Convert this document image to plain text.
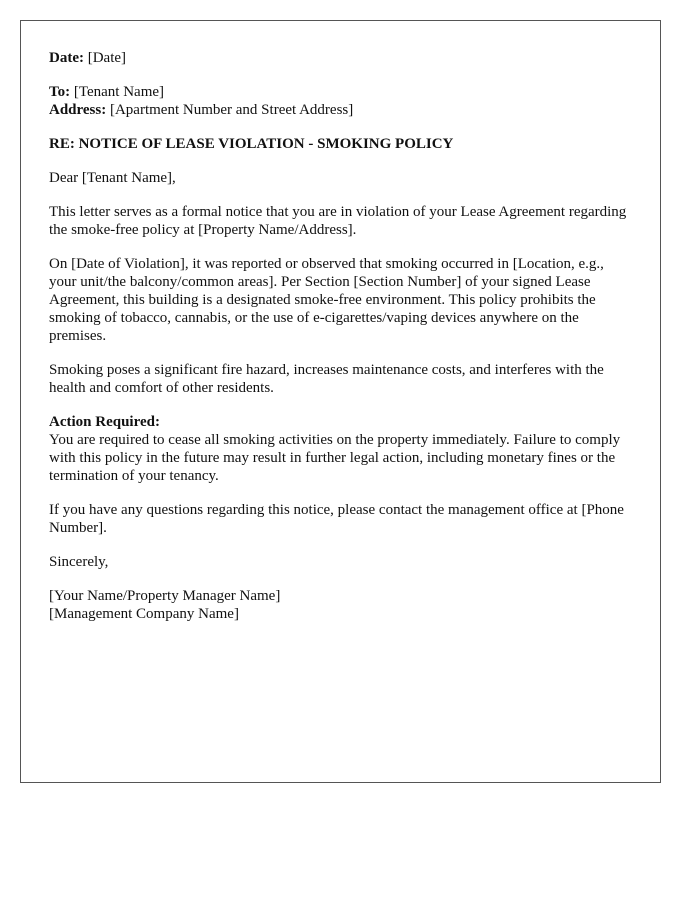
Date: [Date]

To: [Tenant Name]
Address: [Apartment Number and Street Address]

RE: NOTICE OF LEASE VIOLATION - SMOKING POLICY

Dear [Tenant Name],

This letter serves as a formal notice that you are in violation of your Lease Agreement regarding the smoke-free policy at [Property Name/Address].

On [Date of Violation], it was reported or observed that smoking occurred in [Location, e.g., your unit/the balcony/common areas]. Per Section [Section Number] of your signed Lease Agreement, this building is a designated smoke-free environment. This policy prohibits the smoking of tobacco, cannabis, or the use of e-cigarettes/vaping devices anywhere on the premises.

Smoking poses a significant fire hazard, increases maintenance costs, and interferes with the health and comfort of other residents.

Action Required:
You are required to cease all smoking activities on the property immediately. Failure to comply with this policy in the future may result in further legal action, including monetary fines or the termination of your tenancy.

If you have any questions regarding this notice, please contact the management office at [Phone Number].

Sincerely,

[Your Name/Property Manager Name]
[Management Company Name]
